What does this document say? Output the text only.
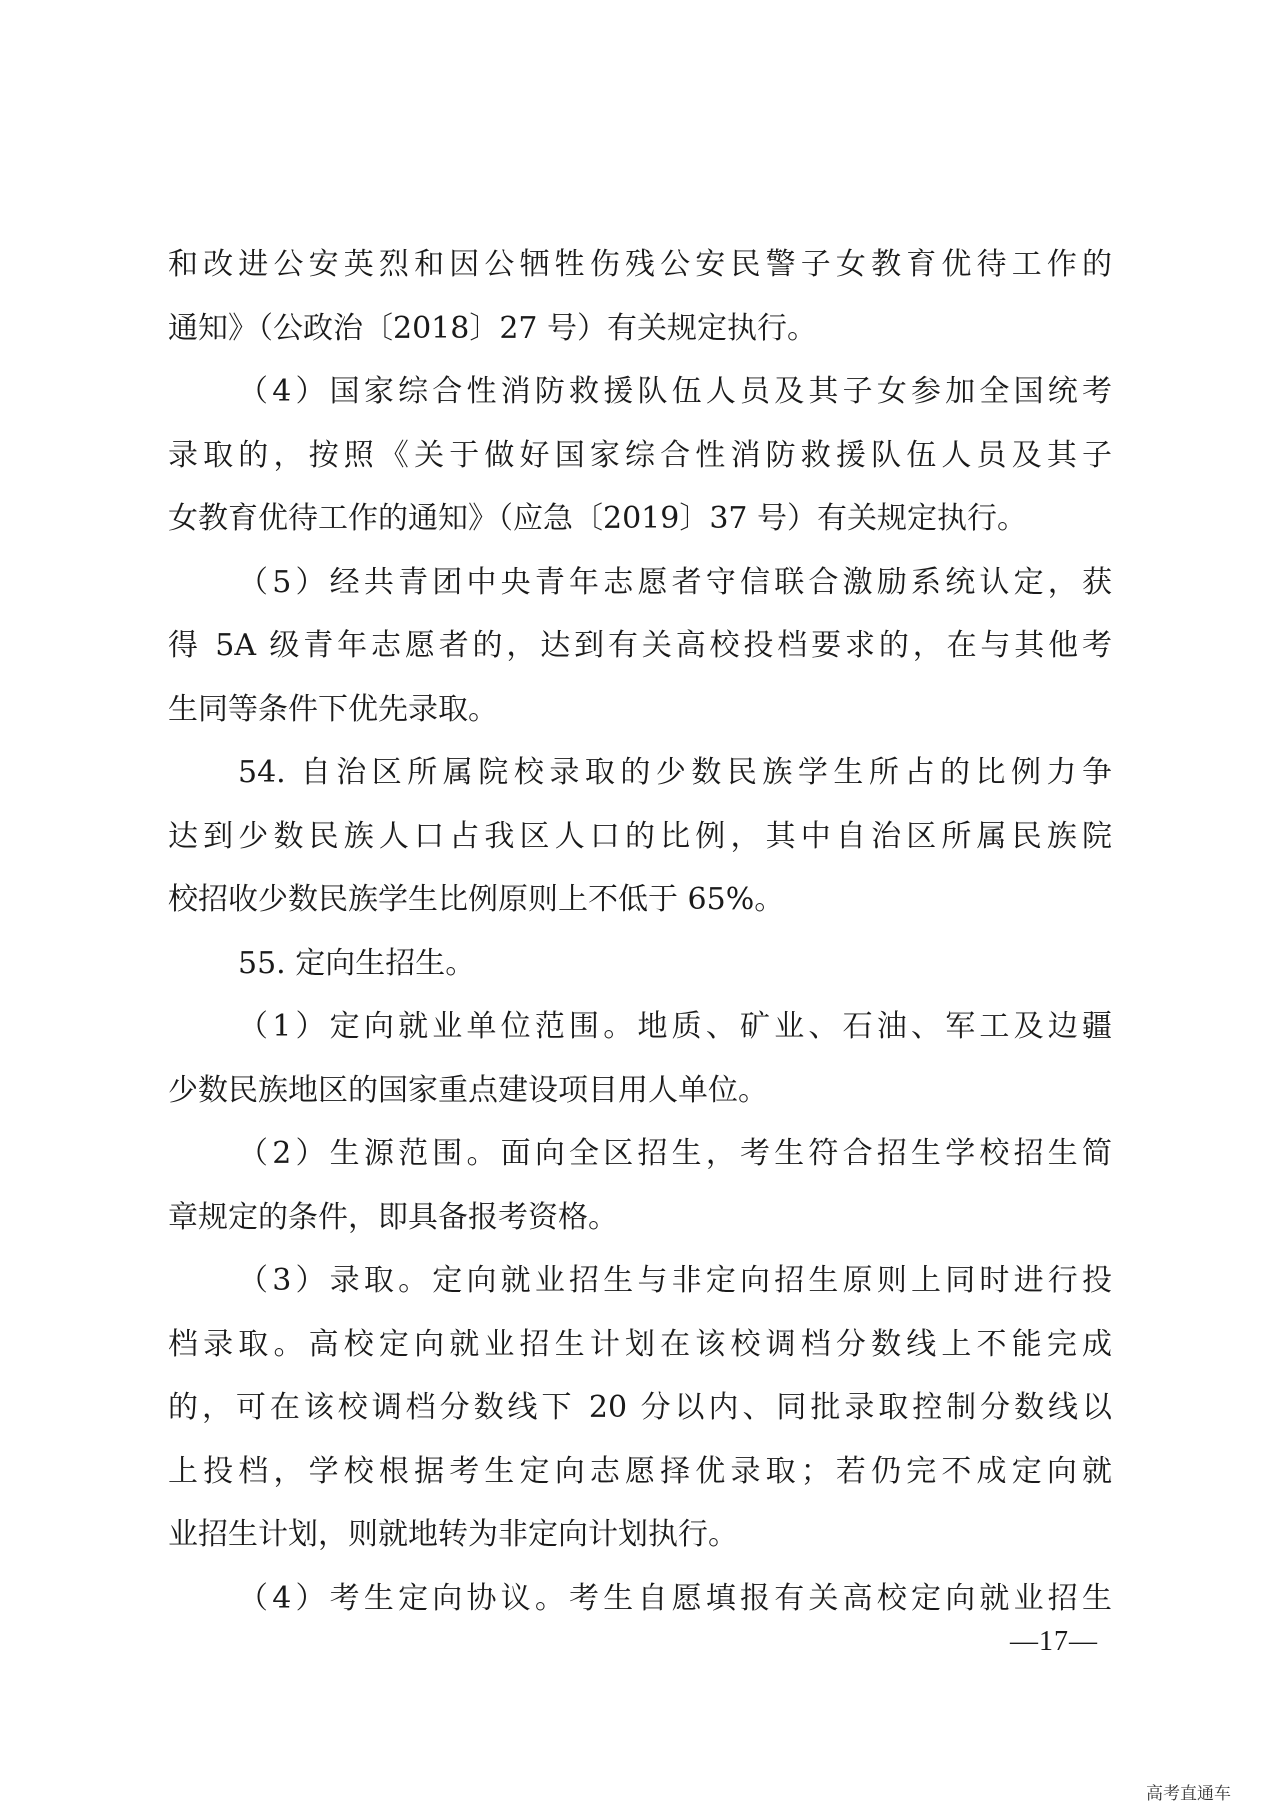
和改进公安英烈和因公牺牲伤残公安民警子女教育优待工作的
通知》（公政治〔2018〕27 号）有关规定执行。
（4）国家综合性消防救援队伍人员及其子女参加全国统考
录取的，按照《关于做好国家综合性消防救援队伍人员及其子
女教育优待工作的通知》（应急〔2019〕37 号）有关规定执行。
（5）经共青团中央青年志愿者守信联合激励系统认定，获
得 5A 级青年志愿者的，达到有关高校投档要求的，在与其他考
生同等条件下优先录取。
54. 自治区所属院校录取的少数民族学生所占的比例力争
达到少数民族人口占我区人口的比例，其中自治区所属民族院
校招收少数民族学生比例原则上不低于 65%。
55. 定向生招生。
（1）定向就业单位范围。地质、矿业、石油、军工及边疆
少数民族地区的国家重点建设项目用人单位。
（2）生源范围。面向全区招生，考生符合招生学校招生简
章规定的条件，即具备报考资格。
（3）录取。定向就业招生与非定向招生原则上同时进行投
档录取。高校定向就业招生计划在该校调档分数线上不能完成
的，可在该校调档分数线下 20 分以内、同批录取控制分数线以
上投档，学校根据考生定向志愿择优录取；若仍完不成定向就
业招生计划，则就地转为非定向计划执行。
（4）考生定向协议。考生自愿填报有关高校定向就业招生
—17—
高考直通车
